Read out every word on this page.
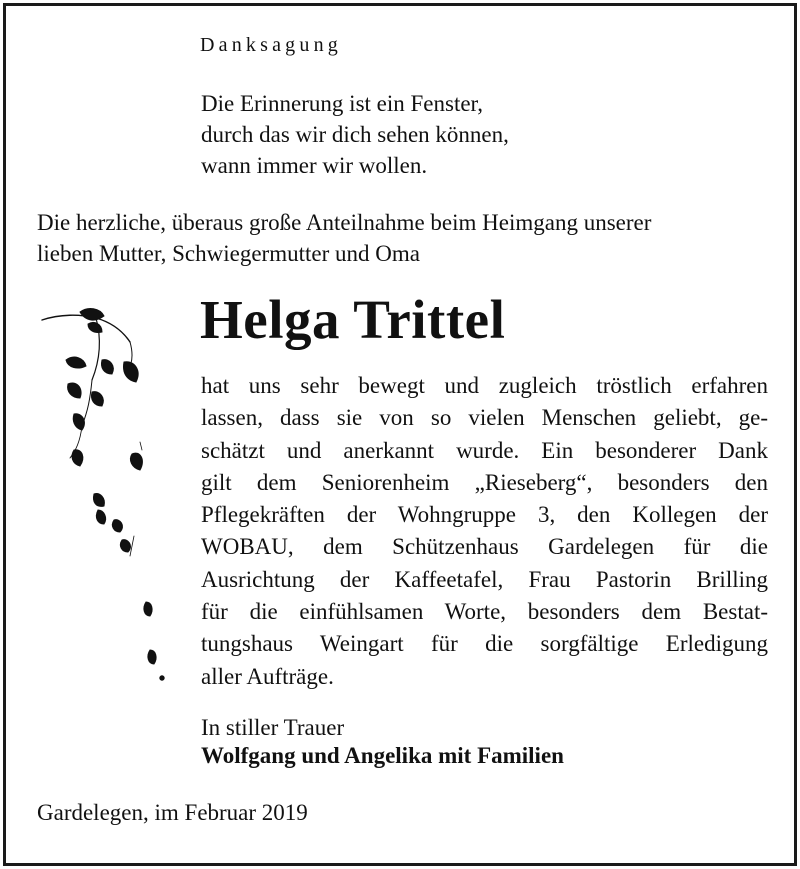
Danksagung
Die Erinnerung ist ein Fenster,
durch das wir dich sehen können,
wann immer wir wollen.
Die herzliche, überaus große Anteilnahme beim Heimgang unserer
lieben Mutter, Schwiegermutter und Oma
Helga Trittel
hat uns sehr bewegt und zugleich tröstlich erfahren
lassen, dass sie von so vielen Menschen geliebt, ge-
schätzt und anerkannt wurde. Ein besonderer Dank
gilt dem Seniorenheim „Rieseberg“, besonders den
Pflegekräften der Wohngruppe 3, den Kollegen der
WOBAU, dem Schützenhaus Gardelegen für die
Ausrichtung der Kaffeetafel, Frau Pastorin Brilling
für die einfühlsamen Worte, besonders dem Bestat-
tungshaus Weingart für die sorgfältige Erledigung
aller Aufträge.
In stiller Trauer
Wolfgang und Angelika mit Familien
Gardelegen, im Februar 2019
